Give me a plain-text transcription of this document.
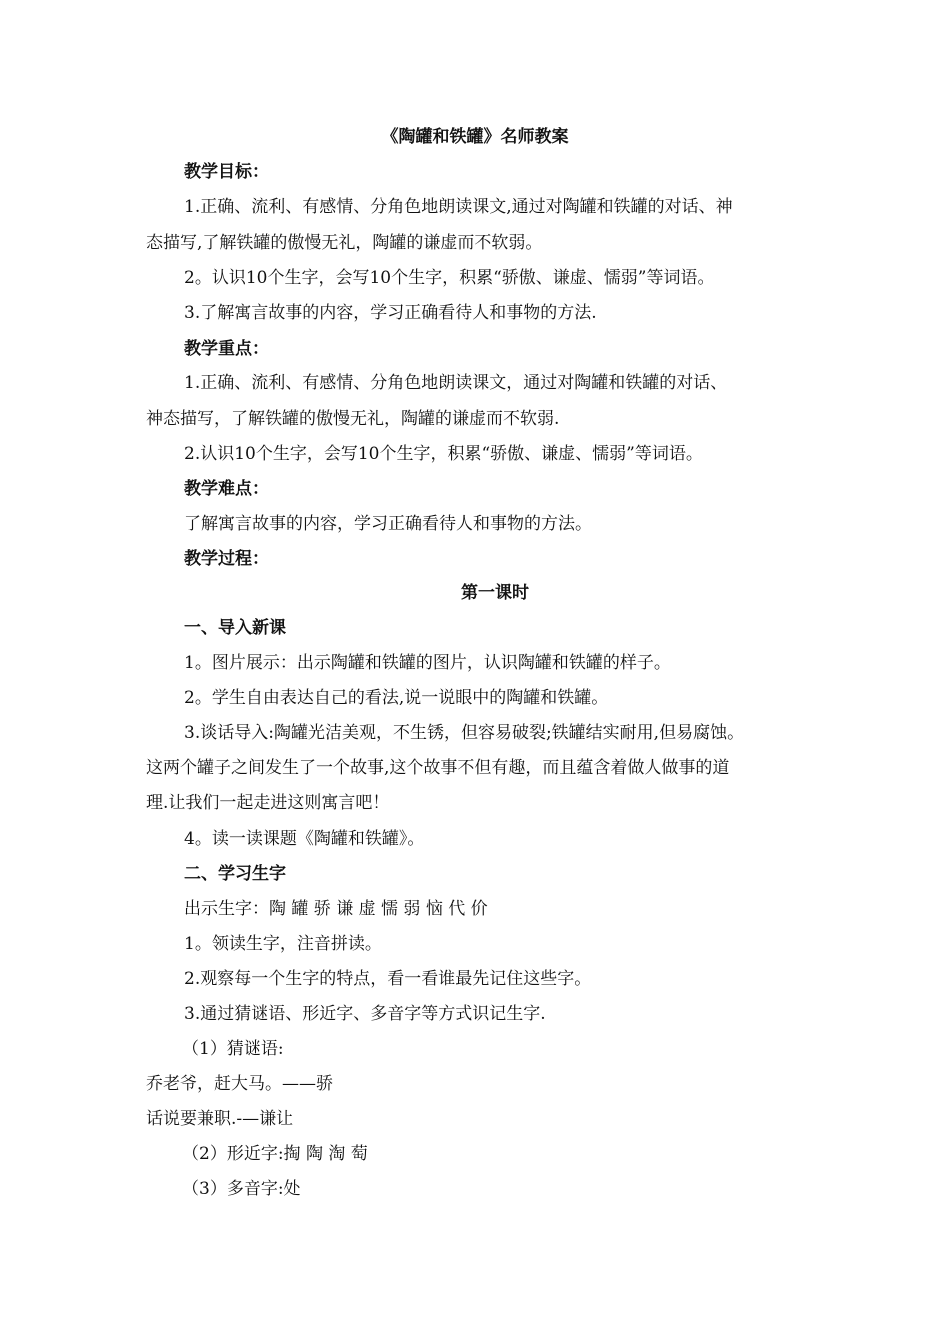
《陶罐和铁罐》名师教案
教学目标：
1.正确、流利、有感情、分角色地朗读课文,通过对陶罐和铁罐的对话、神
态描写,了解铁罐的傲慢无礼，陶罐的谦虚而不软弱。
2。认识10个生字，会写10个生字，积累“骄傲、谦虚、懦弱”等词语。
3.了解寓言故事的内容，学习正确看待人和事物的方法.
教学重点：
1.正确、流利、有感情、分角色地朗读课文，通过对陶罐和铁罐的对话、
神态描写，了解铁罐的傲慢无礼，陶罐的谦虚而不软弱.
2.认识10个生字，会写10个生字，积累“骄傲、谦虚、懦弱”等词语。
教学难点：
了解寓言故事的内容，学习正确看待人和事物的方法。
教学过程：
第一课时
一、导入新课
1。图片展示：出示陶罐和铁罐的图片，认识陶罐和铁罐的样子。
2。学生自由表达自己的看法,说一说眼中的陶罐和铁罐。
3.谈话导入:陶罐光洁美观，不生锈，但容易破裂;铁罐结实耐用,但易腐蚀。
这两个罐子之间发生了一个故事,这个故事不但有趣，而且蕴含着做人做事的道
理.让我们一起走进这则寓言吧！
4。读一读课题《陶罐和铁罐》。
二、学习生字
出示生字：陶 罐 骄 谦 虚 懦 弱 恼 代 价
1。领读生字，注音拼读。
2.观察每一个生字的特点，看一看谁最先记住这些字。
3.通过猜谜语、形近字、多音字等方式识记生字.
（1）猜谜语:
乔老爷，赶大马。——骄
话说要兼职.-—谦让
（2）形近字:掏 陶 淘 萄
（3）多音字:处
